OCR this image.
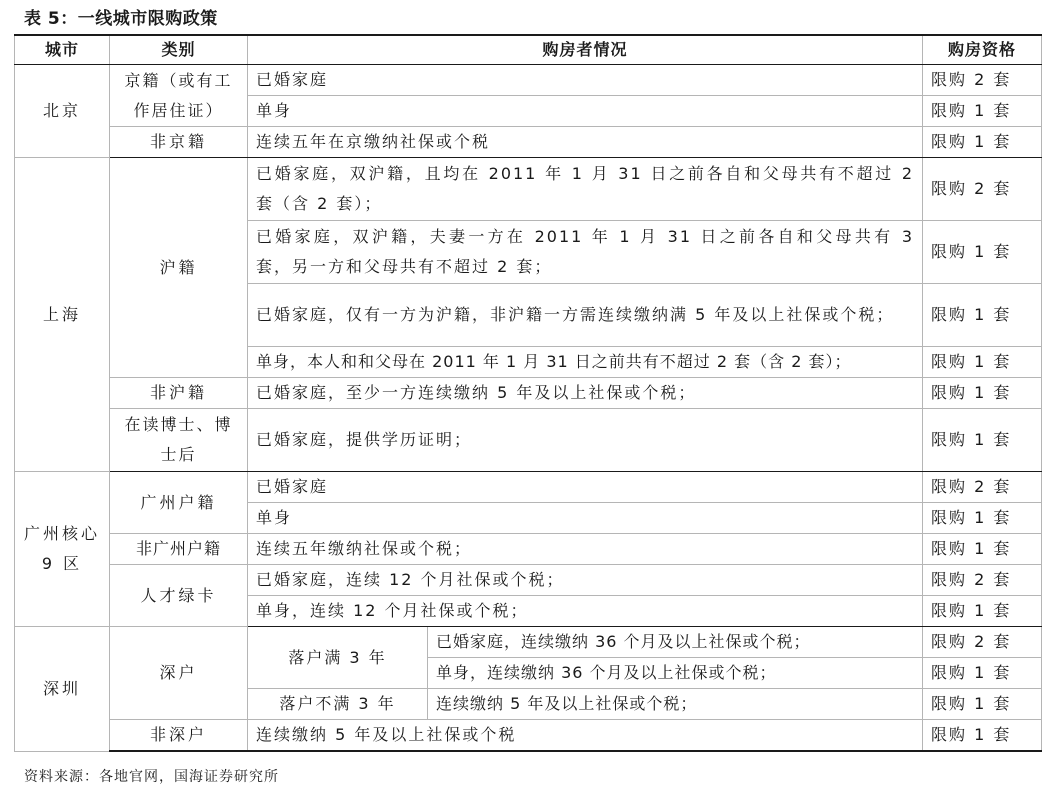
表 5：一线城市限购政策
城市	类别	购房者情况		购房资格
北京	京籍（或有工作居住证）	已婚家庭		限购 2 套
		单身		限购 1 套
	非京籍	连续五年在京缴纳社保或个税		限购 1 套
上海	沪籍	已婚家庭，双沪籍，且均在 2011 年 1 月 31 日之前各自和父母共有不超过 2 套（含 2 套）；		限购 2 套
		已婚家庭，双沪籍，夫妻一方在 2011 年 1 月 31 日之前各自和父母共有 3 套，另一方和父母共有不超过 2 套；		限购 1 套
		已婚家庭，仅有一方为沪籍，非沪籍一方需连续缴纳满 5 年及以上社保或个税；		限购 1 套
		单身，本人和和父母在 2011 年 1 月 31 日之前共有不超过 2 套（含 2 套）；		限购 1 套
	非沪籍	已婚家庭，至少一方连续缴纳 5 年及以上社保或个税；		限购 1 套
	在读博士、博士后	已婚家庭，提供学历证明；		限购 1 套
广州核心 9 区	广州户籍	已婚家庭		限购 2 套
		单身		限购 1 套
	非广州户籍	连续五年缴纳社保或个税；		限购 1 套
	人才绿卡	已婚家庭，连续 12 个月社保或个税；		限购 2 套
		单身，连续 12 个月社保或个税；		限购 1 套
深圳	深户	落户满 3 年	已婚家庭，连续缴纳 36 个月及以上社保或个税；	限购 2 套
			单身，连续缴纳 36 个月及以上社保或个税；	限购 1 套
		落户不满 3 年	连续缴纳 5 年及以上社保或个税；	限购 1 套
	非深户	连续缴纳 5 年及以上社保或个税		限购 1 套
资料来源：各地官网，国海证券研究所
